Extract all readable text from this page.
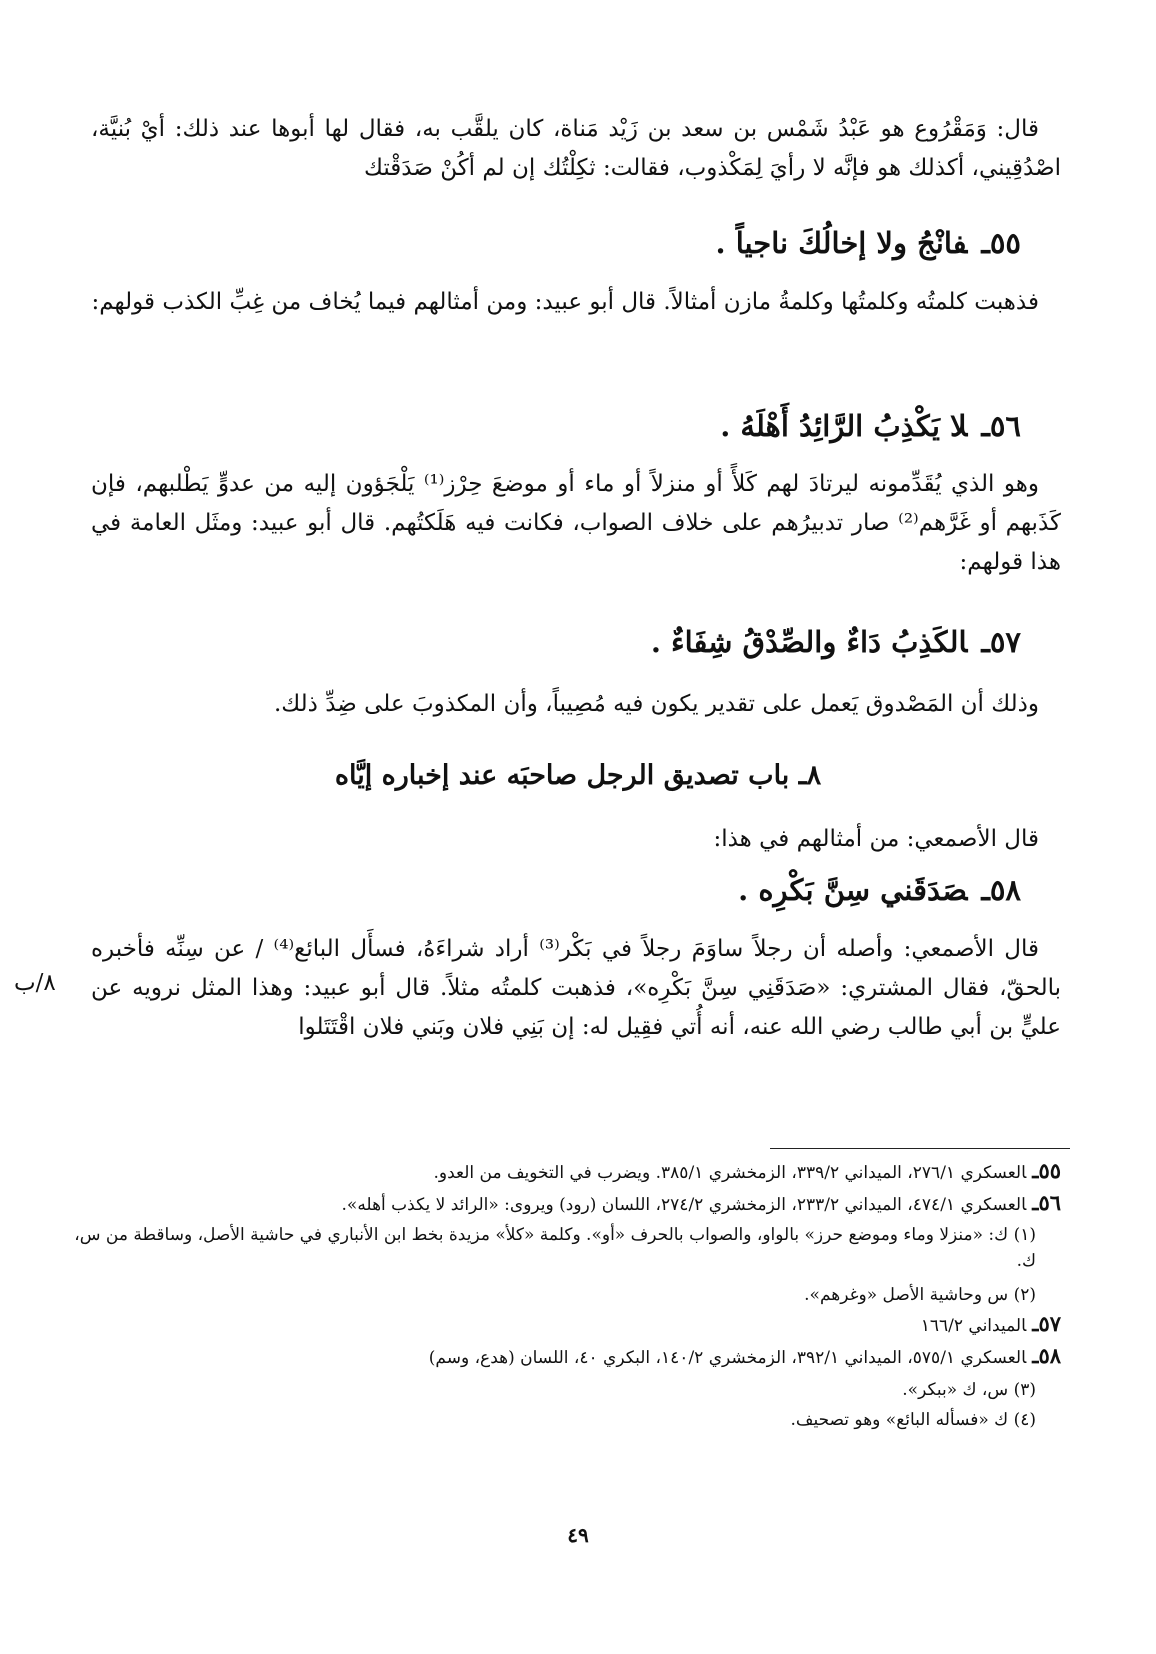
قال: وَمَقْرُوع هو عَبْدُ شَمْس بن سعد بن زَيْد مَناة، كان يلقَّب به، فقال لها أبوها عند ذلك: أيْ بُنيَّة، اصْدُقِيني، أكذلك هو فإنَّه لا رأيَ لِمَكْذوب، فقالت: ثكِلْتُك إن لم أكُنْ صَدَقْتك
٥٥ـفانْجُ ولا إخالُكَ ناجياً .
فذهبت كلمتُه وكلمتُها وكلمةُ مازن أمثالاً. قال أبو عبيد: ومن أمثالهم فيما يُخاف من غِبِّ الكذب قولهم:
٥٦ـلا يَكْذِبُ الرَّائِدُ أَهْلَهُ .
وهو الذي يُقَدِّمونه ليرتادَ لهم كَلأً أو منزلاً أو ماء أو موضعَ حِرْز⁽¹⁾ يَلْجَؤون إليه من عدوٍّ يَطْلبهم، فإن كَذَبهم أو غَرَّهم⁽²⁾ صار تدبيرُهم على خلاف الصواب، فكانت فيه هَلَكتُهم. قال أبو عبيد: ومثَل العامة في هذا قولهم:
٥٧ـالكَذِبُ دَاءٌ والصِّدْقُ شِفَاءٌ .
وذلك أن المَصْدوق يَعمل على تقدير يكون فيه مُصِيباً، وأن المكذوبَ على ضِدِّ ذلك.
٨ـ باب تصديق الرجل صاحبَه عند إخباره إيَّاه
قال الأصمعي: من أمثالهم في هذا:
٥٨ـصَدَقَني سِنَّ بَكْرِه .
قال الأصمعي: وأصله أن رجلاً ساوَمَ رجلاً في بَكْر⁽³⁾ أراد شراءَهُ، فسأَل البائع⁽⁴⁾ / عن سِنِّه فأخبره بالحقّ، فقال المشتري: «صَدَقَنِي سِنَّ بَكْرِه»، فذهبت كلمتُه مثلاً. قال أبو عبيد: وهذا المثل نرويه عن عليٍّ بن أبي طالب رضي الله عنه، أنه أُتي فقِيل له: إن بَنِي فلان وبَني فلان اقْتَتَلوا
٨/ب
٥٥ـالعسكري ٢٧٦/١، الميداني ٣٣٩/٢، الزمخشري ٣٨٥/١. ويضرب في التخويف من العدو.
٥٦ـالعسكري ٤٧٤/١، الميداني ٢٣٣/٢، الزمخشري ٢٧٤/٢، اللسان (رود) ويروى: «الرائد لا يكذب أهله».
(١) ك: «منزلا وماء وموضع حرز» بالواو، والصواب بالحرف «أو». وكلمة «كلأ» مزيدة بخط ابن الأنباري في حاشية الأصل، وساقطة من س، ك.
(٢) س وحاشية الأصل «وغرهم».
٥٧ـالميداني ١٦٦/٢
٥٨ـالعسكري ٥٧٥/١، الميداني ٣٩٢/١، الزمخشري ١٤٠/٢، البكري ٤٠، اللسان (هدع، وسم)
(٣) س، ك «ببكر».
(٤) ك «فسأله البائع» وهو تصحيف.
٤٩
